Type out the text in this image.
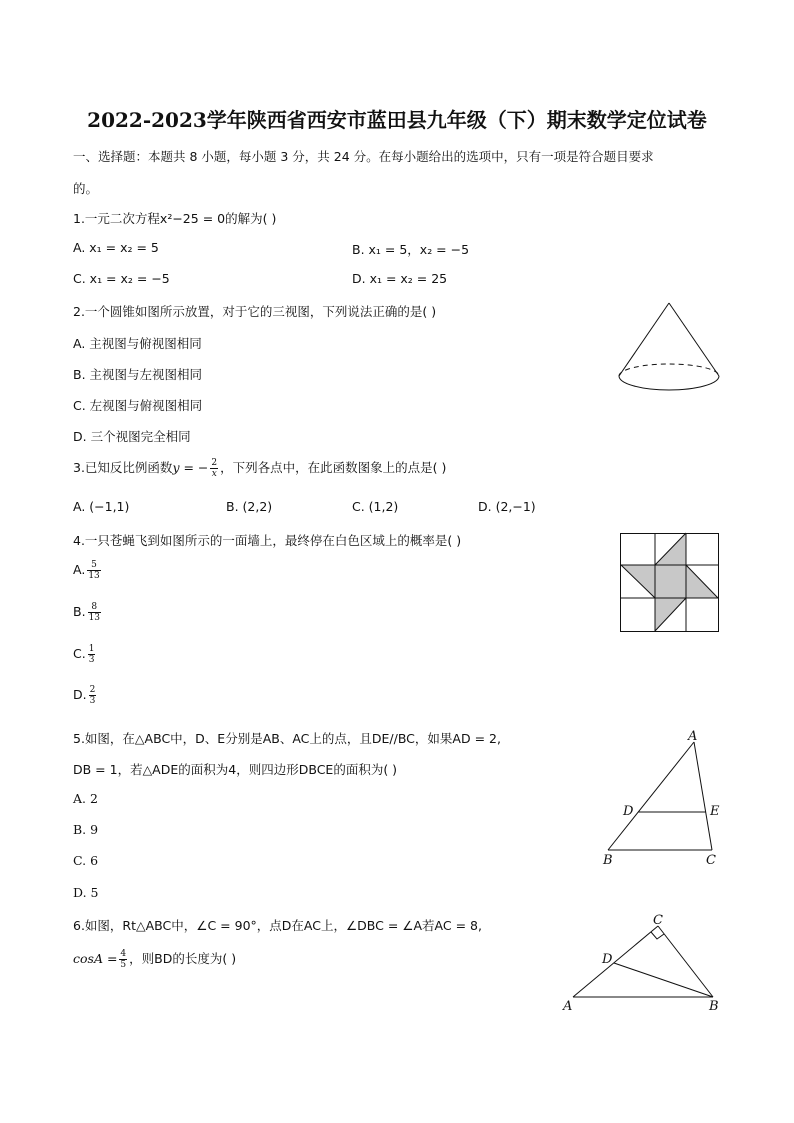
2022-2023学年陕西省西安市蓝田县九年级（下）期末数学定位试卷
一、选择题：本题共 8 小题，每小题 3 分，共 24 分。在每小题给出的选项中，只有一项是符合题目要求
的。
1.一元二次方程x²−25 = 0的解为( )
A. x₁ = x₂ = 5	B. x₁ = 5，x₂ = −5
C. x₁ = x₂ = −5	D. x₁ = x₂ = 25
2.一个圆锥如图所示放置，对于它的三视图，下列说法正确的是( )
A. 主视图与俯视图相同
B. 主视图与左视图相同
C. 左视图与俯视图相同
D. 三个视图完全相同
3.已知反比例函数y = − $\frac{2}{x}$ ，下列各点中，在此函数图象上的点是( )
A. (−1,1)	B. (2,2)	C. (1,2)	D. (2,−1)
4.一只苍蝇飞到如图所示的一面墙上，最终停在白色区域上的概率是( )
A. $\frac{5}{13}$
B. $\frac{8}{13}$
C. $\frac{1}{3}$
D. $\frac{2}{3}$
5.如图，在△ABC中，D、E分别是AB、AC上的点，且DE//BC，如果AD = 2,
DB = 1，若△ADE的面积为4，则四边形DBCE的面积为( )
A. 2
B. 9
C. 6
D. 5
A
B	C
D	E
6.如图，Rt△ABC中，∠C = 90°，点D在AC上，∠DBC = ∠A若AC = 8,
$\cos A = \frac{4}{5}$ ，则BD的长度为( )
C
D
A	B
